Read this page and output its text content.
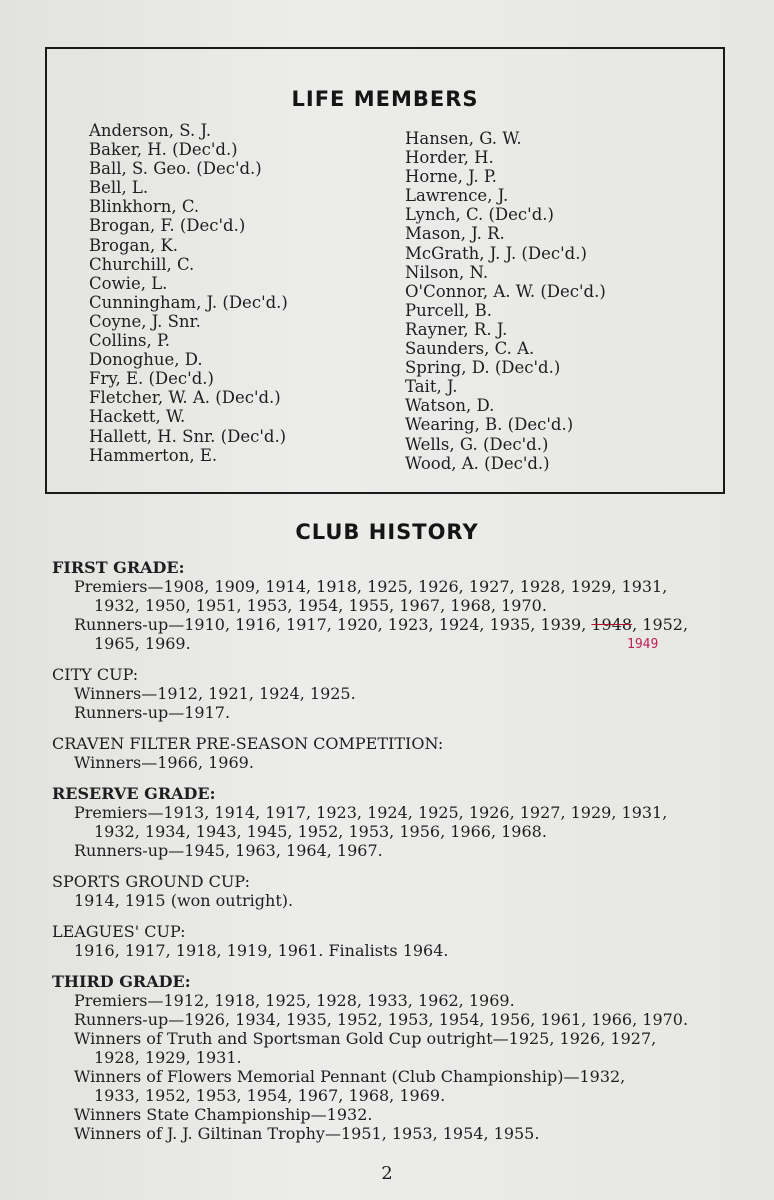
LIFE MEMBERS
Anderson, S. J.
Baker, H. (Dec'd.)
Ball, S. Geo. (Dec'd.)
Bell, L.
Blinkhorn, C.
Brogan, F. (Dec'd.)
Brogan, K.
Churchill, C.
Cowie, L.
Cunningham, J. (Dec'd.)
Coyne, J. Snr.
Collins, P.
Donoghue, D.
Fry, E. (Dec'd.)
Fletcher, W. A. (Dec'd.)
Hackett, W.
Hallett, H. Snr. (Dec'd.)
Hammerton, E.
Hansen, G. W.
Horder, H.
Horne, J. P.
Lawrence, J.
Lynch, C. (Dec'd.)
Mason, J. R.
McGrath, J. J. (Dec'd.)
Nilson, N.
O'Connor, A. W. (Dec'd.)
Purcell, B.
Rayner, R. J.
Saunders, C. A.
Spring, D. (Dec'd.)
Tait, J.
Watson, D.
Wearing, B. (Dec'd.)
Wells, G. (Dec'd.)
Wood, A. (Dec'd.)
CLUB HISTORY
FIRST GRADE:
Premiers—1908, 1909, 1914, 1918, 1925, 1926, 1927, 1928, 1929, 1931,
1932, 1950, 1951, 1953, 1954, 1955, 1967, 1968, 1970.
Runners-up—1910, 1916, 1917, 1920, 1923, 1924, 1935, 1939, 1948, 1952,
1965, 1969.
CITY CUP:
Winners—1912, 1921, 1924, 1925.
Runners-up—1917.
CRAVEN FILTER PRE-SEASON COMPETITION:
Winners—1966, 1969.
RESERVE GRADE:
Premiers—1913, 1914, 1917, 1923, 1924, 1925, 1926, 1927, 1929, 1931,
1932, 1934, 1943, 1945, 1952, 1953, 1956, 1966, 1968.
Runners-up—1945, 1963, 1964, 1967.
SPORTS GROUND CUP:
1914, 1915 (won outright).
LEAGUES' CUP:
1916, 1917, 1918, 1919, 1961. Finalists 1964.
THIRD GRADE:
Premiers—1912, 1918, 1925, 1928, 1933, 1962, 1969.
Runners-up—1926, 1934, 1935, 1952, 1953, 1954, 1956, 1961, 1966, 1970.
Winners of Truth and Sportsman Gold Cup outright—1925, 1926, 1927,
1928, 1929, 1931.
Winners of Flowers Memorial Pennant (Club Championship)—1932,
1933, 1952, 1953, 1954, 1967, 1968, 1969.
Winners State Championship—1932.
Winners of J. J. Giltinan Trophy—1951, 1953, 1954, 1955.
1949
2
